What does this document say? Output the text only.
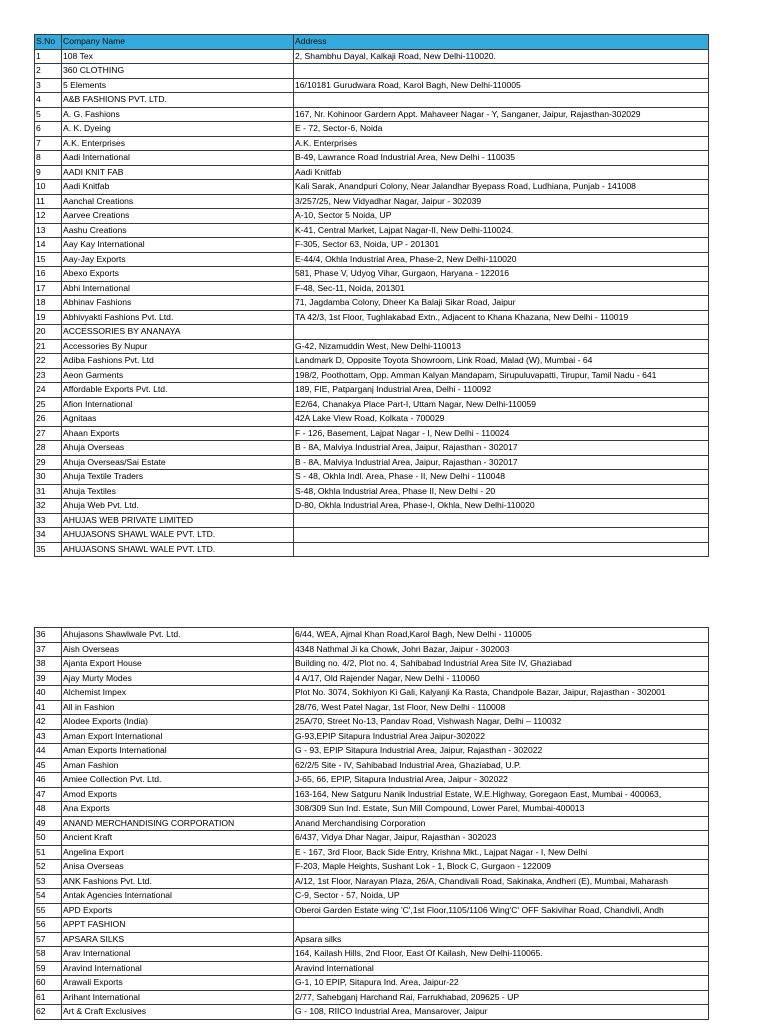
S.No	Company Name	Address
1	108 Tex	2, Shambhu Dayal, Kalkaji Road, New Delhi-110020.
2	360 CLOTHING	
3	5 Elements	16/10181 Gurudwara Road, Karol Bagh, New Delhi-110005
4	A&B FASHIONS PVT. LTD.	
5	A. G. Fashions	167, Nr. Kohinoor Gardern Appt. Mahaveer Nagar - Y, Sanganer, Jaipur, Rajasthan-302029
6	A. K. Dyeing	E - 72, Sector-6, Noida
7	A.K. Enterprises	A.K. Enterprises
8	Aadi International	B-49, Lawrance Road Industrial Area, New Delhi - 110035
9	AADI KNIT FAB	Aadi Knitfab
10	Aadi Knitfab	Kali Sarak, Anandpuri Colony, Near Jalandhar Byepass Road, Ludhiana, Punjab - 141008
11	Aanchal Creations	3/257/25, New Vidyadhar Nagar, Jaipur - 302039
12	Aarvee Creations	A-10, Sector 5 Noida, UP
13	Aashu Creations	K-41, Central Market, Lajpat Nagar-II, New Delhi-110024.
14	Aay Kay International	F-305, Sector 63, Noida, UP - 201301
15	Aay-Jay Exports	E-44/4, Okhla Industrial Area, Phase-2, New Delhi-110020
16	Abexo Exports	581, Phase V, Udyog Vihar, Gurgaon, Haryana - 122016
17	Abhi International	F-48, Sec-11, Noida, 201301
18	Abhinav Fashions	71, Jagdamba Colony, Dheer Ka Balaji Sikar Road, Jaipur
19	Abhivyakti Fashions Pvt. Ltd.	TA 42/3, 1st Floor, Tughlakabad Extn., Adjacent to Khana Khazana, New Delhi - 110019
20	ACCESSORIES BY ANANAYA	
21	Accessories By Nupur	G-42, Nizamuddin West, New Delhi-110013
22	Adiba Fashions Pvt. Ltd	Landmark D, Opposite Toyota Showroom, Link Road, Malad (W), Mumbai - 64
23	Aeon Garments	198/2, Poothottam, Opp. Amman Kalyan Mandapam, Sirupuluvapatti, Tirupur, Tamil Nadu - 641
24	Affordable Exports Pvt. Ltd.	189, FIE, Patparganj Industrial Area, Delhi - 110092
25	Afion International	E2/64, Chanakya Place Part-I, Uttam Nagar, New Delhi-110059
26	Agnitaas	42A Lake View Road, Kolkata - 700029
27	Ahaan Exports	F - 126, Basement, Lajpat Nagar - I, New Delhi - 110024
28	Ahuja Overseas	B - 8A, Malviya Industrial Area, Jaipur, Rajasthan - 302017
29	Ahuja Overseas/Sai Estate	B - 8A, Malviya Industrial Area, Jaipur, Rajasthan - 302017
30	Ahuja Textile Traders	S - 48, Okhla Indl. Area, Phase - II, New Delhi - 110048
31	Ahuja Textiles	S-48, Okhla Industrial Area, Phase II, New Delhi - 20
32	Ahuja Web Pvt. Ltd.	D-80, Okhla Industrial Area, Phase-I, Okhla, New Delhi-110020
33	AHUJAS WEB PRIVATE LIMITED	
34	AHUJASONS SHAWL WALE PVT. LTD.	
35	AHUJASONS SHAWL WALE PVT. LTD.	
36	Ahujasons Shawlwale Pvt. Ltd.	6/44, WEA, Ajmal Khan Road,Karol Bagh, New Delhi - 110005
37	Aish Overseas	4348 Nathmal Ji ka Chowk, Johri Bazar, Jaipur - 302003
38	Ajanta Export House	Building no. 4/2, Plot no. 4, Sahibabad Industrial Area Site IV, Ghaziabad
39	Ajay Murty Modes	4 A/17, Old Rajender Nagar, New Delhi - 110060
40	Alchemist Impex	Plot No. 3074, Sokhiyon Ki Gali, Kalyanji Ka Rasta, Chandpole Bazar, Jaipur, Rajasthan - 302001
41	All in Fashion	28/76, West Patel Nagar, 1st Floor, New Delhi - 110008
42	Alodee Exports (India)	25A/70, Street No-13, Pandav Road, Vishwash Nagar, Delhi – 110032
43	Aman Export International	G-93,EPIP Sitapura Industrial Area Jaipur-302022
44	Aman Exports International	G - 93, EPIP Sitapura Industrial Area, Jaipur, Rajasthan - 302022
45	Aman Fashion	62/2/5 Site - IV, Sahibabad Industrial Area, Ghaziabad, U.P.
46	Amiee Collection Pvt. Ltd.	J-65, 66, EPIP, Sitapura Industrial Area, Jaipur - 302022
47	Amod Exports	163-164, New Satguru Nanik Industrial Estate, W.E.Highway, Goregaon East, Mumbai - 400063,
48	Ana Exports	308/309 Sun Ind. Estate, Sun Mill Compound, Lower Parel, Mumbai-400013
49	ANAND MERCHANDISING CORPORATION	Anand Merchandising Corporation
50	Ancient Kraft	6/437, Vidya Dhar Nagar, Jaipur, Rajasthan - 302023
51	Angelina Export	E - 167, 3rd Floor, Back Side Entry, Krishna Mkt., Lajpat Nagar - I, New Delhi
52	Anisa Overseas	F-203, Maple Heights, Sushant Lok - 1, Block C, Gurgaon - 122009
53	ANK Fashions Pvt. Ltd.	A/12, 1st Floor, Narayan Plaza, 26/A, Chandivali Road, Sakinaka, Andheri (E), Mumbai, Maharash
54	Antak Agencies International	C-9, Sector - 57, Noida, UP
55	APD Exports	Oberoi Garden Estate wing 'C',1st Floor,1105/1106 Wing'C' OFF Sakivihar Road, Chandivli, Andh
56	APPT FASHION	
57	APSARA SILKS	Apsara silks
58	Arav International	164, Kailash Hills, 2nd Floor, East Of Kailash, New Delhi-110065.
59	Aravind International	Aravind International
60	Arawali Exports	G-1, 10 EPIP, Sitapura Ind. Area, Jaipur-22
61	Arihant International	2/77, Sahebganj Harchand Rai, Farrukhabad, 209625 - UP
62	Art & Craft Exclusives	G - 108, RIICO Industrial Area, Mansarover, Jaipur
